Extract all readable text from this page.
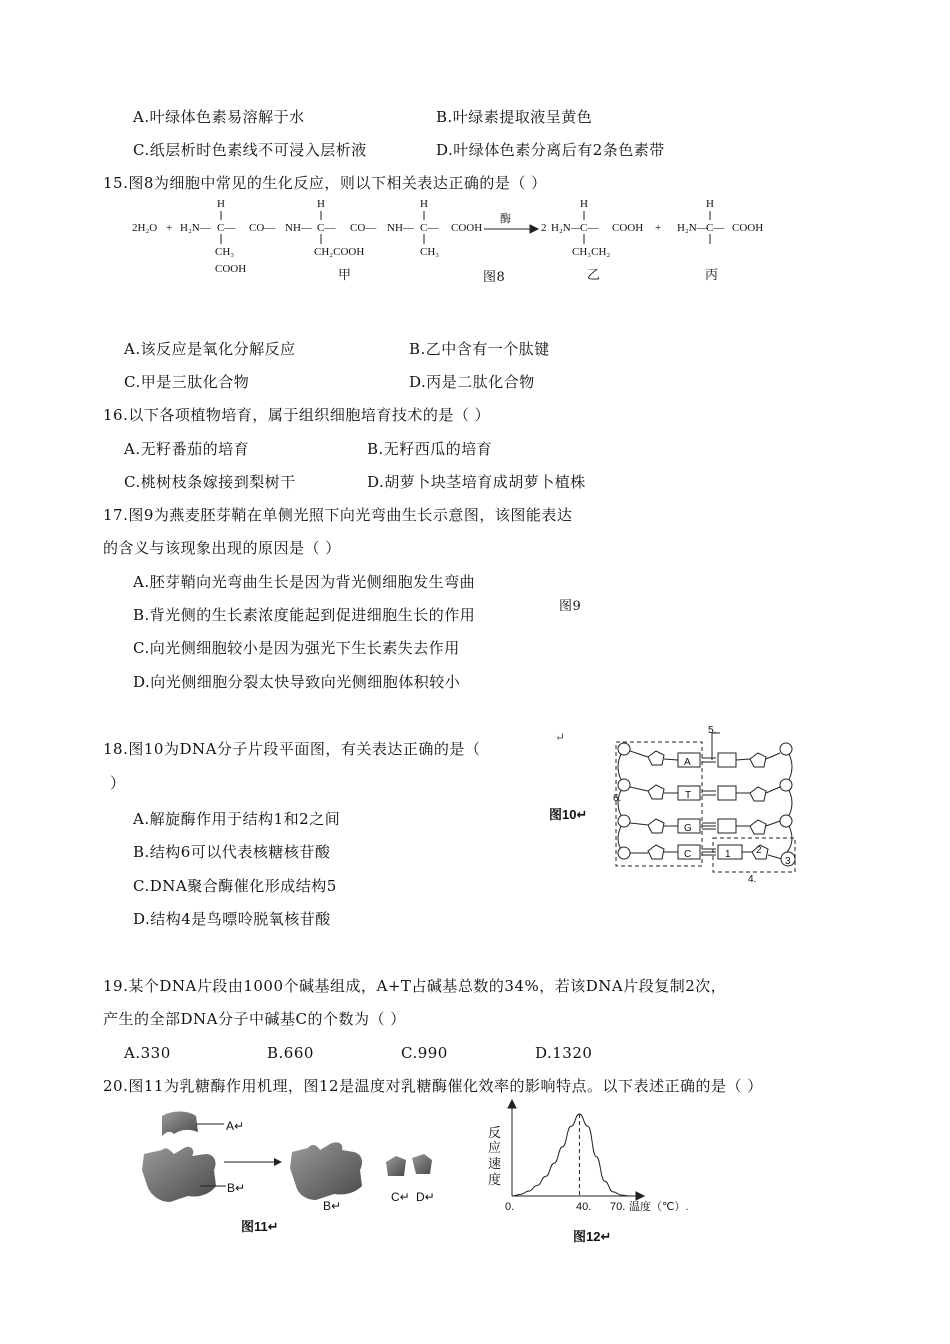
A.叶绿体色素易溶解于水	B.叶绿素提取液呈黄色
C.纸层析时色素线不可浸入层析液	D.叶绿体色素分离后有2条色素带
15.图8为细胞中常见的生化反应，则以下相关表达正确的是（ ）
H	H	H	H	H
2H₂O + H₂N— C— CO— NH— C— CO— NH— C— COOH
酶
2 H₂N—
C— COOH + H₂N—
C— COOH
CH₃
COOH
CH₂COOH	CH₃	CH₃CH₂
甲	图8	乙	丙
A.该反应是氧化分解反应	B.乙中含有一个肽键
C.甲是三肽化合物	D.丙是二肽化合物
16.以下各项植物培育，属于组织细胞培育技术的是（ ）
A.无籽番茄的培育	B.无籽西瓜的培育
C.桃树枝条嫁接到梨树干	D.胡萝卜块茎培育成胡萝卜植株
17.图9为燕麦胚芽鞘在单侧光照下向光弯曲生长示意图，该图能表达
的含义与该现象出现的原因是（ ）
A.胚芽鞘向光弯曲生长是因为背光侧细胞发生弯曲
B.背光侧的生长素浓度能起到促进细胞生长的作用	图9
C.向光侧细胞较小是因为强光下生长素失去作用
D.向光侧细胞分裂太快导致向光侧细胞体积较小
18.图10为DNA分子片段平面图，有关表达正确的是（
↵
）
A.解旋酶作用于结构1和2之间
B.结构6可以代表核糖核苷酸
C.DNA聚合酶催化形成结构5
D.结构4是鸟嘌呤脱氧核苷酸
图10↵
A
T
G
C	1	2
3
4.
5.
6.
19.某个DNA片段由1000个碱基组成，A+T占碱基总数的34%，若该DNA片段复制2次，
产生的全部DNA分子中碱基C的个数为（ ）
A.330	B.660	C.990	D.1320
20.图11为乳糖酶作用机理，图12是温度对乳糖酶催化效率的影响特点。以下表述正确的是（ ）
A↵
B↵
B↵
C↵ D↵
图11↵
反
应
速
度
0.	40. 70. 温度（℃）.
图12↵
